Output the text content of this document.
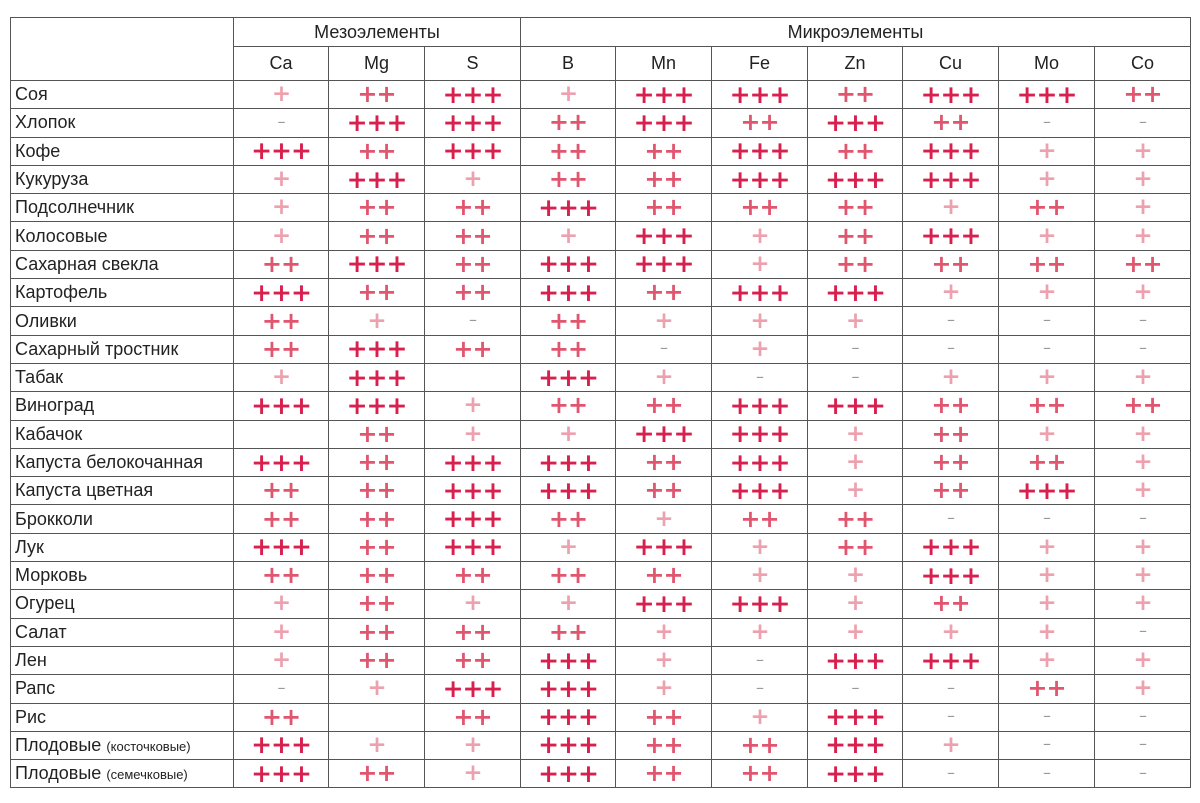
	Мезоэлементы			Микроэлементы						
	Ca	Mg	S	B	Mn	Fe	Zn	Cu	Mo	Co
Соя	+	++	+++	+	+++	+++	++	+++	+++	++
Хлопок	–	+++	+++	++	+++	++	+++	++	–	–
Кофе	+++	++	+++	++	++	+++	++	+++	+	+
Кукуруза	+	+++	+	++	++	+++	+++	+++	+	+
Подсолнечник	+	++	++	+++	++	++	++	+	++	+
Колосовые	+	++	++	+	+++	+	++	+++	+	+
Сахарная свекла	++	+++	++	+++	+++	+	++	++	++	++
Картофель	+++	++	++	+++	++	+++	+++	+	+	+
Оливки	++	+	–	++	+	+	+	–	–	–
Сахарный тростник	++	+++	++	++	–	+	–	–	–	–
Табак	+	+++		+++	+	–	–	+	+	+
Виноград	+++	+++	+	++	++	+++	+++	++	++	++
Кабачок		++	+	+	+++	+++	+	++	+	+
Капуста белокочанная	+++	++	+++	+++	++	+++	+	++	++	+
Капуста цветная	++	++	+++	+++	++	+++	+	++	+++	+
Брокколи	++	++	+++	++	+	++	++	–	–	–
Лук	+++	++	+++	+	+++	+	++	+++	+	+
Морковь	++	++	++	++	++	+	+	+++	+	+
Огурец	+	++	+	+	+++	+++	+	++	+	+
Салат	+	++	++	++	+	+	+	+	+	–
Лен	+	++	++	+++	+	–	+++	+++	+	+
Рапс	–	+	+++	+++	+	–	–	–	++	+
Рис	++		++	+++	++	+	+++	–	–	–
Плодовые (косточковые)	+++	+	+	+++	++	++	+++	+	–	–
Плодовые (семечковые)	+++	++	+	+++	++	++	+++	–	–	–
